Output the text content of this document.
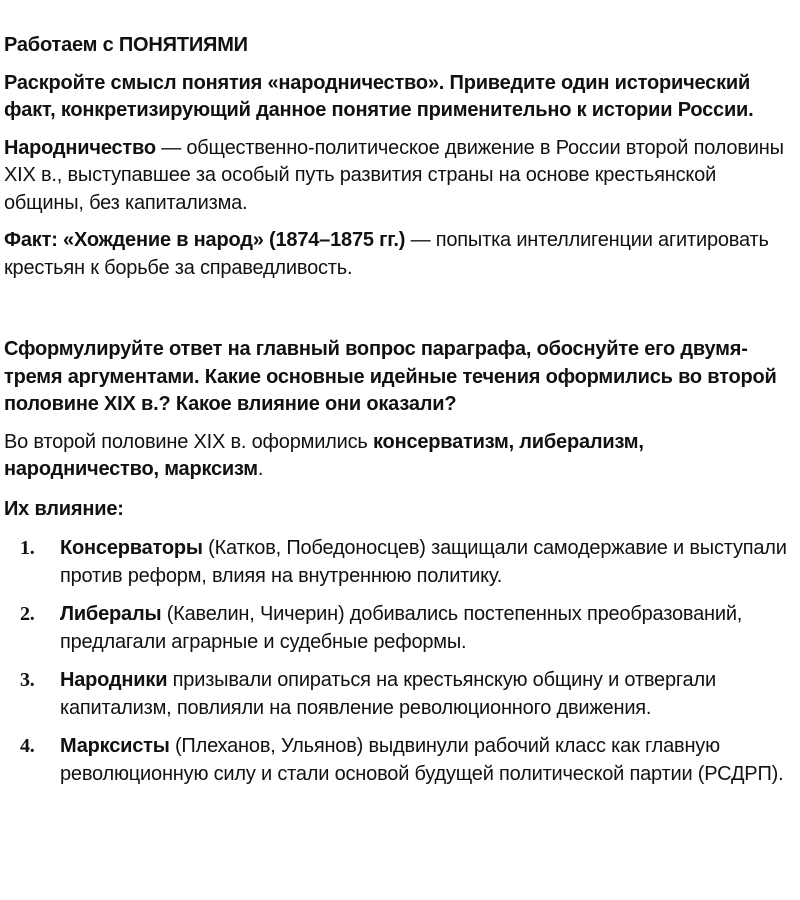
Работаем с ПОНЯТИЯМИ

Раскройте смысл понятия «народничество». Приведите один исторический факт, конкретизирующий данное понятие применительно к истории России.

Народничество — общественно-политическое движение в России второй половины XIX в., выступавшее за особый путь развития страны на основе крестьянской общины, без капитализма.

Факт: «Хождение в народ» (1874–1875 гг.) — попытка интеллигенции агитировать крестьян к борьбе за справедливость.

Сформулируйте ответ на главный вопрос параграфа, обоснуйте его двумя-тремя аргументами. Какие основные идейные течения оформились во второй половине XIX в.? Какое влияние они оказали?

Во второй половине XIX в. оформились консерватизм, либерализм, народничество, марксизм.

Их влияние:

1. Консерваторы (Катков, Победоносцев) защищали самодержавие и выступали против реформ, влияя на внутреннюю политику.
2. Либералы (Кавелин, Чичерин) добивались постепенных преобразований, предлагали аграрные и судебные реформы.
3. Народники призывали опираться на крестьянскую общину и отвергали капитализм, повлияли на появление революционного движения.
4. Марксисты (Плеханов, Ульянов) выдвинули рабочий класс как главную революционную силу и стали основой будущей политической партии (РСДРП).
